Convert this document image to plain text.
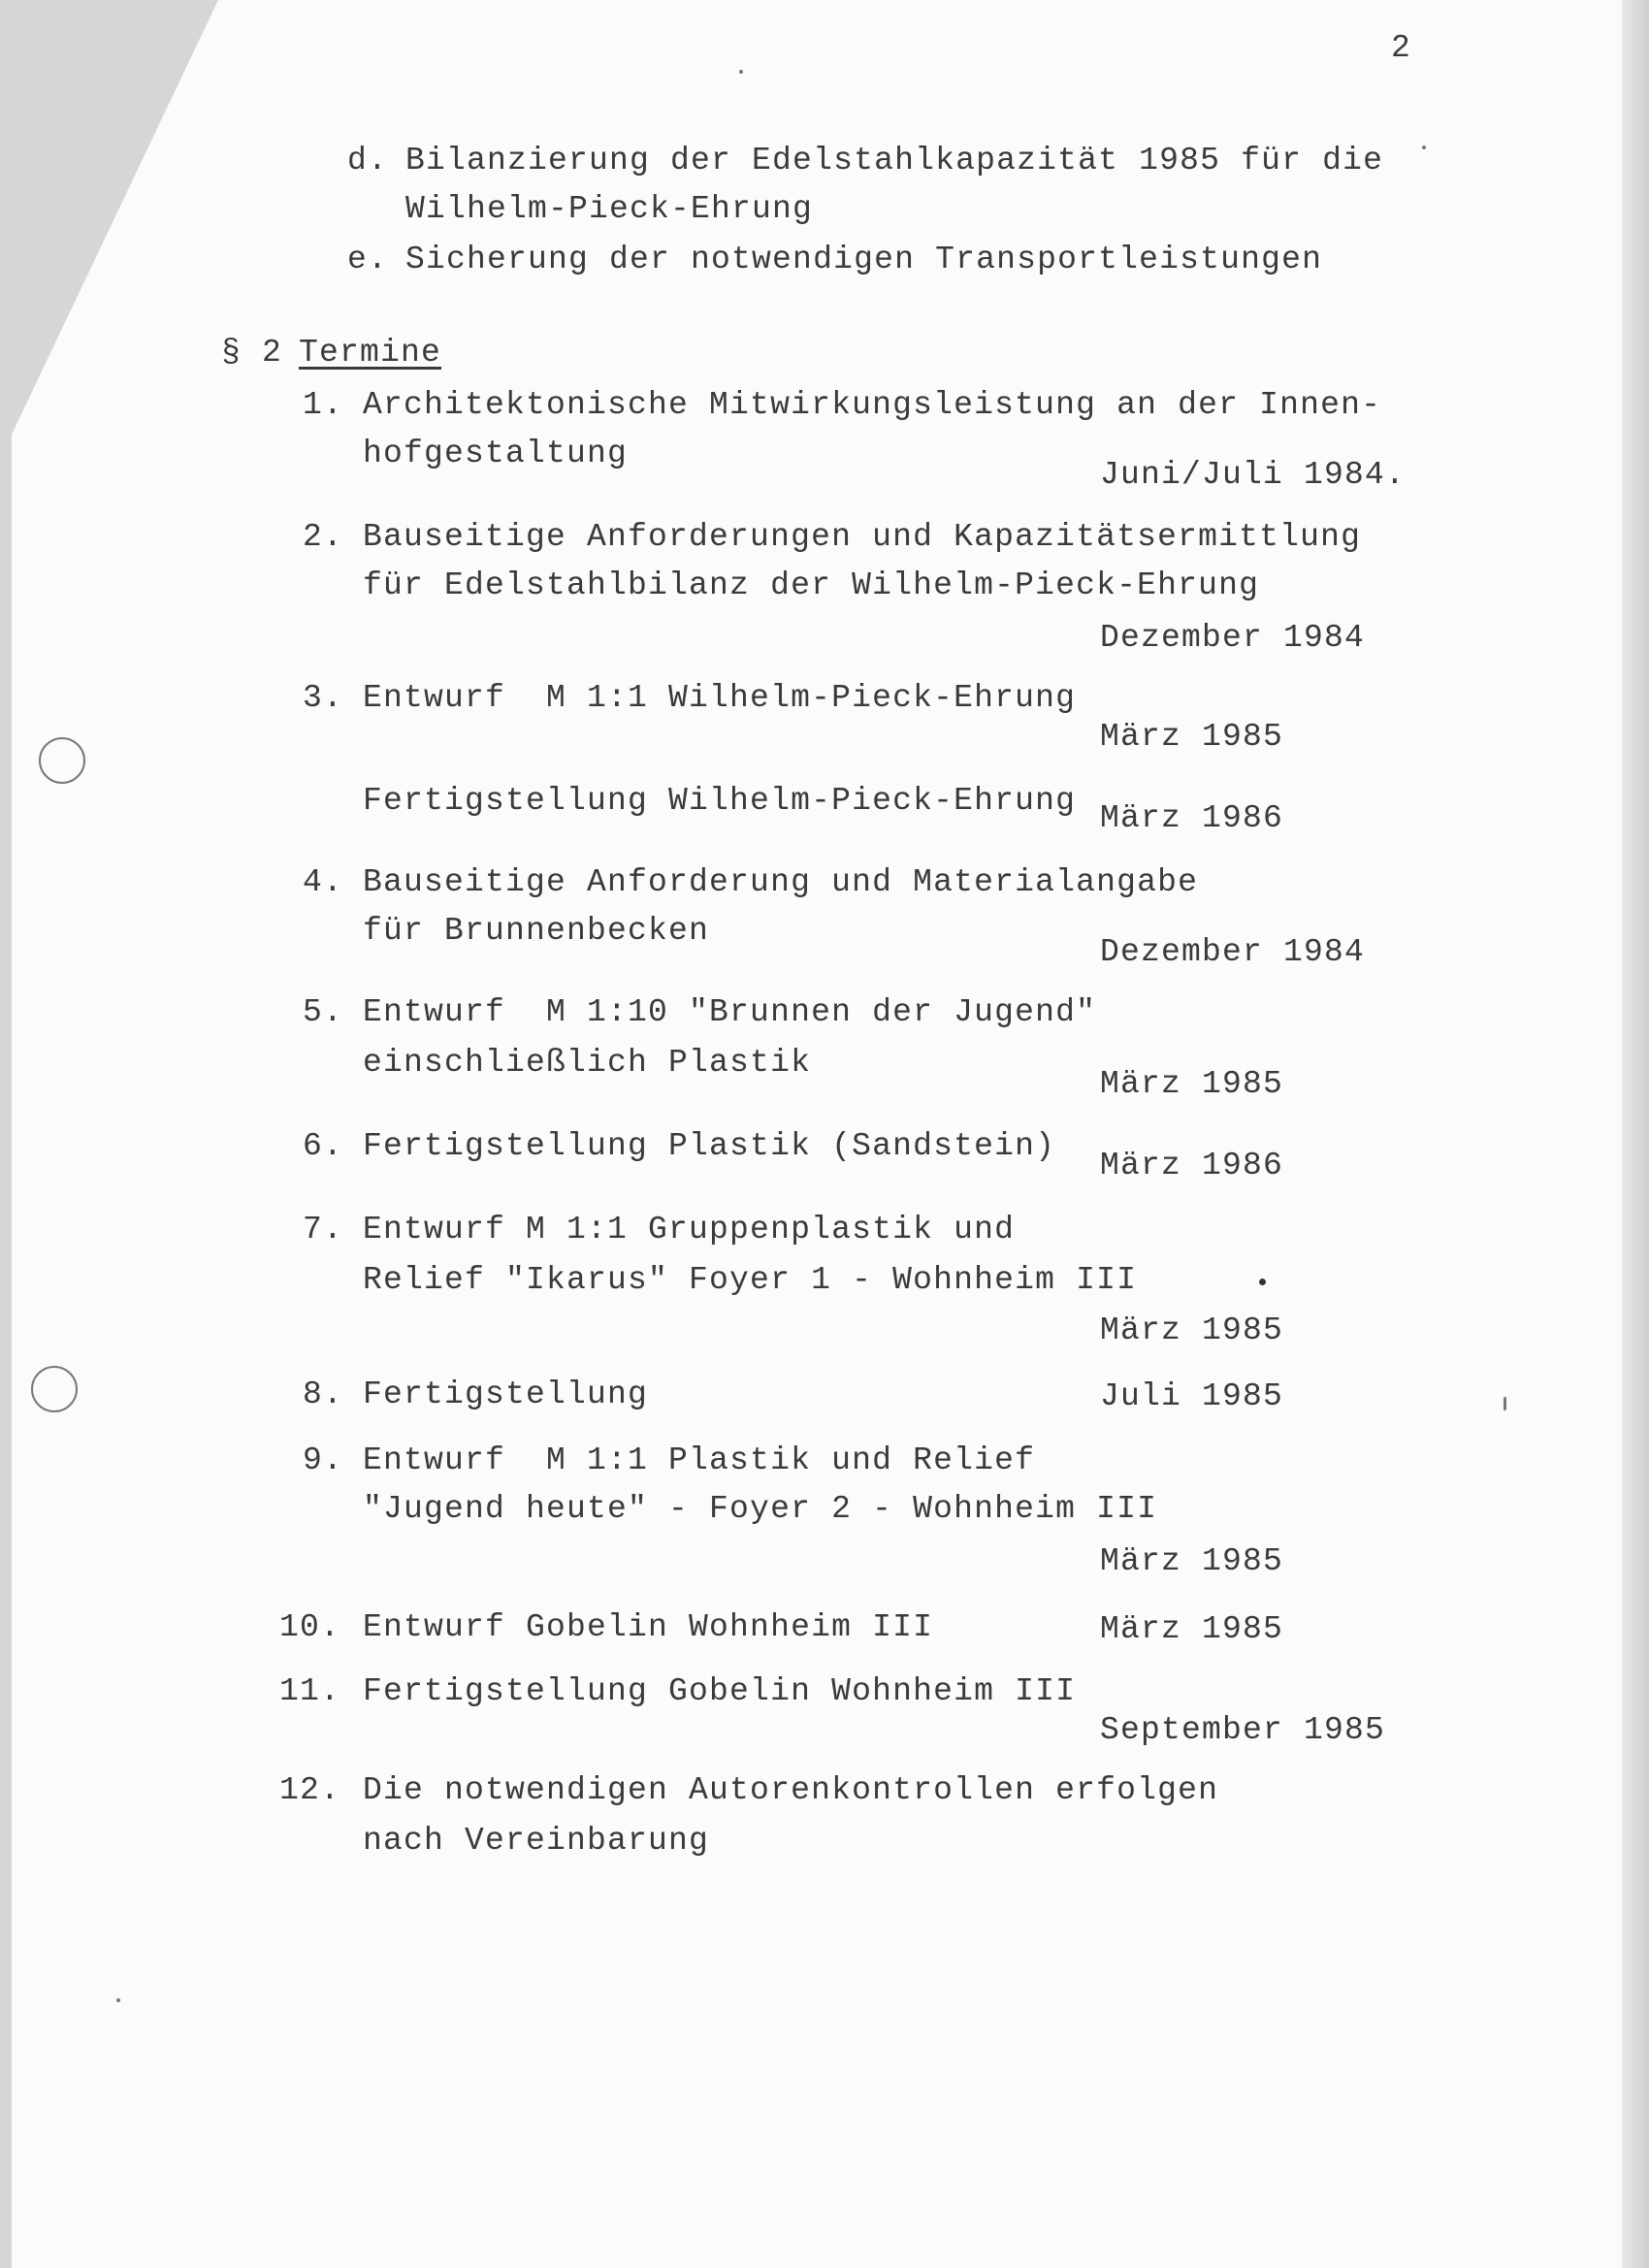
2
d. Bilanzierung der Edelstahlkapazität 1985 für die
Wilhelm-Pieck-Ehrung
e. Sicherung der notwendigen Transportleistungen
§ 2 Termine
1. Architektonische Mitwirkungsleistung an der Innen-
hofgestaltung
Juni/Juli 1984.
2. Bauseitige Anforderungen und Kapazitätsermittlung
für Edelstahlbilanz der Wilhelm-Pieck-Ehrung
Dezember 1984
3. Entwurf  M 1:1 Wilhelm-Pieck-Ehrung
März 1985
Fertigstellung Wilhelm-Pieck-Ehrung März 1986
4. Bauseitige Anforderung und Materialangabe
für Brunnenbecken
Dezember 1984
5. Entwurf  M 1:10 "Brunnen der Jugend"
einschließlich Plastik
März 1985
6. Fertigstellung Plastik (Sandstein)
März 1986
7. Entwurf M 1:1 Gruppenplastik und
Relief "Ikarus" Foyer 1 - Wohnheim III
März 1985
8. Fertigstellung	Juli 1985
9. Entwurf  M 1:1 Plastik und Relief
"Jugend heute" - Foyer 2 - Wohnheim III
März 1985
10. Entwurf Gobelin Wohnheim III	März 1985
11. Fertigstellung Gobelin Wohnheim III
September 1985
12. Die notwendigen Autorenkontrollen erfolgen
nach Vereinbarung
